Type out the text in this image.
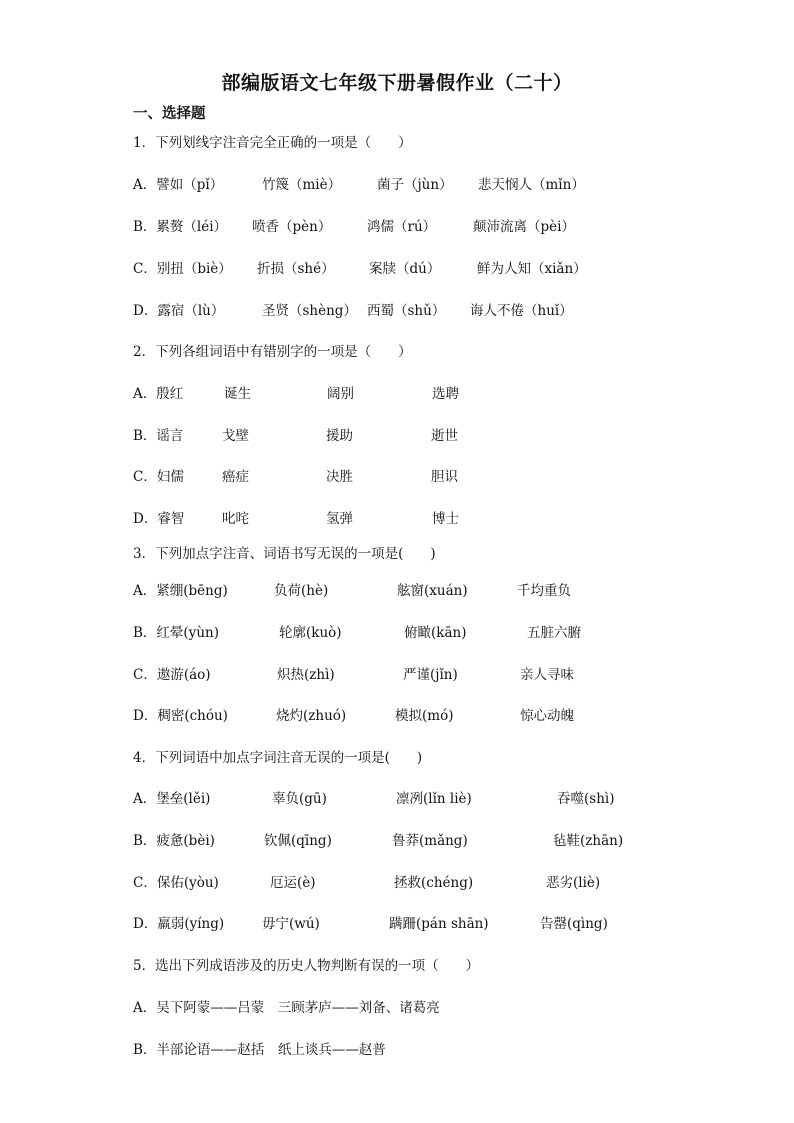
部编版语文七年级下册暑假作业（二十）
一、选择题
1．下列划线字注音完全正确的一项是（　　）
A．譬如（pǐ）	竹篾（miè）	菌子（jùn） 悲天悯人（mǐn）
B．累赘（léi） 喷香（pèn）	鸿儒（rú）	颠沛流离（pèi）
C．别扭（biè） 折损（shé）	案牍（dú）	鲜为人知（xiǎn）
D．露宿（lù）	圣贤（shèng） 西蜀（shǔ） 诲人不倦（huǐ）
2．下列各组词语中有错别字的一项是（　　）
A．殷红	诞生	阔别	选聘
B．谣言	戈壁	援助	逝世
C．妇儒	癌症	决胜	胆识
D．睿智	叱咤	氢弹	博士
3．下列加点字注音、词语书写无误的一项是(　　)
A．紧绷(bēng)	负荷(hè)	舷窗(xuán)	千均重负
B．红晕(yùn)	轮廓(kuò)	俯瞰(kān)	五脏六腑
C．遨游(áo)	炽热(zhì)	严谨(jǐn)	亲人寻味
D．稠密(chóu)	烧灼(zhuó)	模拟(mó)	惊心动魄
4．下列词语中加点字词注音无误的一项是(　　)
A．堡垒(lěi)	辜负(gū)	凛冽(lǐn liè)	吞噬(shì)
B．疲惫(bèi)	钦佩(qīng)	鲁莽(mǎng)	毡鞋(zhān)
C．保佑(yòu)	厄运(è)	拯救(chéng)	恶劣(liè)
D．羸弱(yíng)	毋宁(wú)	蹒跚(pán shān)	告罄(qìng)
5．选出下列成语涉及的历史人物判断有误的一项（　　）
A．吴下阿蒙——吕蒙　三顾茅庐——刘备、诸葛亮
B．半部论语——赵括　纸上谈兵——赵普
